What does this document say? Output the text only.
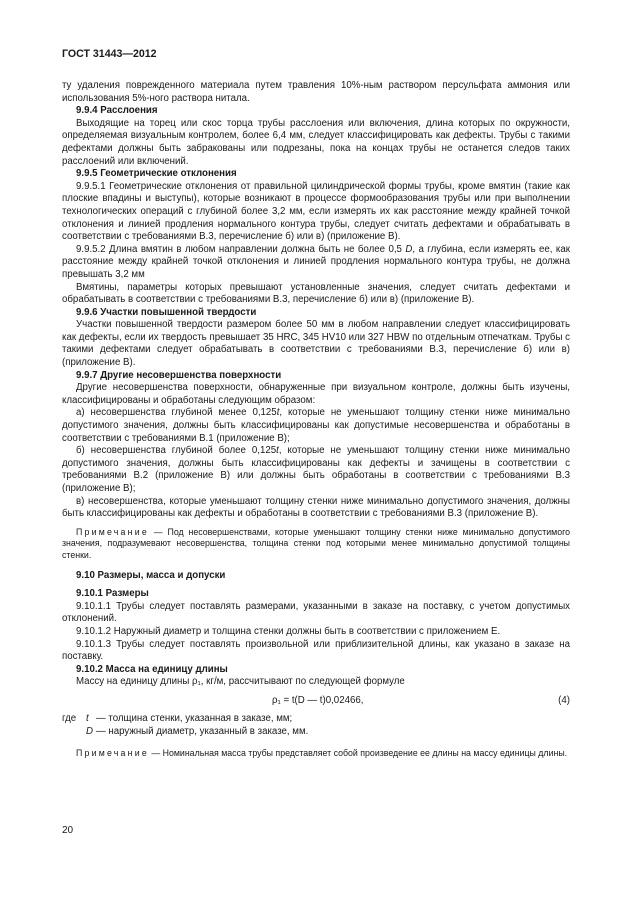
ГОСТ 31443—2012

ту удаления поврежденного материала путем травления 10%-ным раствором персульфата аммония или использования 5%-ного раствора нитала.

9.9.4 Расслоения

Выходящие на торец или скос торца трубы расслоения или включения, длина которых по окружности, определяемая визуальным контролем, более 6,4 мм, следует классифицировать как дефекты. Трубы с такими дефектами должны быть забракованы или подрезаны, пока на концах трубы не останется следов таких расслоений или включений.

9.9.5 Геометрические отклонения

9.9.5.1 Геометрические отклонения от правильной цилиндрической формы трубы, кроме вмятин (такие как плоские впадины и выступы), которые возникают в процессе формообразования трубы или при выполнении технологических операций с глубиной более 3,2 мм, если измерять их как расстояние между крайней точкой отклонения и линией продления нормального контура трубы, следует считать дефектами и обрабатывать в соответствии с требованиями В.3, перечисление б) или в) (приложение В).

9.9.5.2 Длина вмятин в любом направлении должна быть не более 0,5 D, а глубина, если измерять ее, как расстояние между крайней точкой отклонения и линией продления нормального контура трубы, не должна превышать 3,2 мм

Вмятины, параметры которых превышают установленные значения, следует считать дефектами и обрабатывать в соответствии с требованиями В.3, перечисление б) или в) (приложение В).

9.9.6 Участки повышенной твердости

Участки повышенной твердости размером более 50 мм в любом направлении следует классифицировать как дефекты, если их твердость превышает 35 HRC, 345 HV10 или 327 HBW по отдельным отпечаткам. Трубы с такими дефектами следует обрабатывать в соответствии с требованиями В.3, перечисление б) или в) (приложение В).

9.9.7 Другие несовершенства поверхности

Другие несовершенства поверхности, обнаруженные при визуальном контроле, должны быть изучены, классифицированы и обработаны следующим образом:

а) несовершенства глубиной менее 0,125t, которые не уменьшают толщину стенки ниже минимально допустимого значения, должны быть классифицированы как допустимые несовершенства и обработаны в соответствии с требованиями В.1 (приложение В);

б) несовершенства глубиной более 0,125t, которые не уменьшают толщину стенки ниже минимально допустимого значения, должны быть классифицированы как дефекты и зачищены в соответствии с требованиями В.2 (приложение В) или должны быть обработаны в соответствии с требованиями В.3 (приложение В);

в) несовершенства, которые уменьшают толщину стенки ниже минимально допустимого значения, должны быть классифицированы как дефекты и обработаны в соответствии с требованиями В.3 (приложение В).

Примечание — Под несовершенствами, которые уменьшают толщину стенки ниже минимально допустимого значения, подразумевают несовершенства, толщина стенки под которыми менее минимально допустимой толщины стенки.

9.10 Размеры, масса и допуски

9.10.1 Размеры

9.10.1.1 Трубы следует поставлять размерами, указанными в заказе на поставку, с учетом допустимых отклонений.

9.10.1.2 Наружный диаметр и толщина стенки должны быть в соответствии с приложением Е.

9.10.1.3 Трубы следует поставлять произвольной или приблизительной длины, как указано в заказе на поставку.

9.10.2 Масса на единицу длины

Массу на единицу длины ρ₁, кг/м, рассчитывают по следующей формуле

ρ₁ = t(D — t)0,02466,	(4)
где	t — толщина стенки, указанная в заказе, мм;
D — наружный диаметр, указанный в заказе, мм.

Примечание — Номинальная масса трубы представляет собой произведение ее длины на массу единицы длины.

20
